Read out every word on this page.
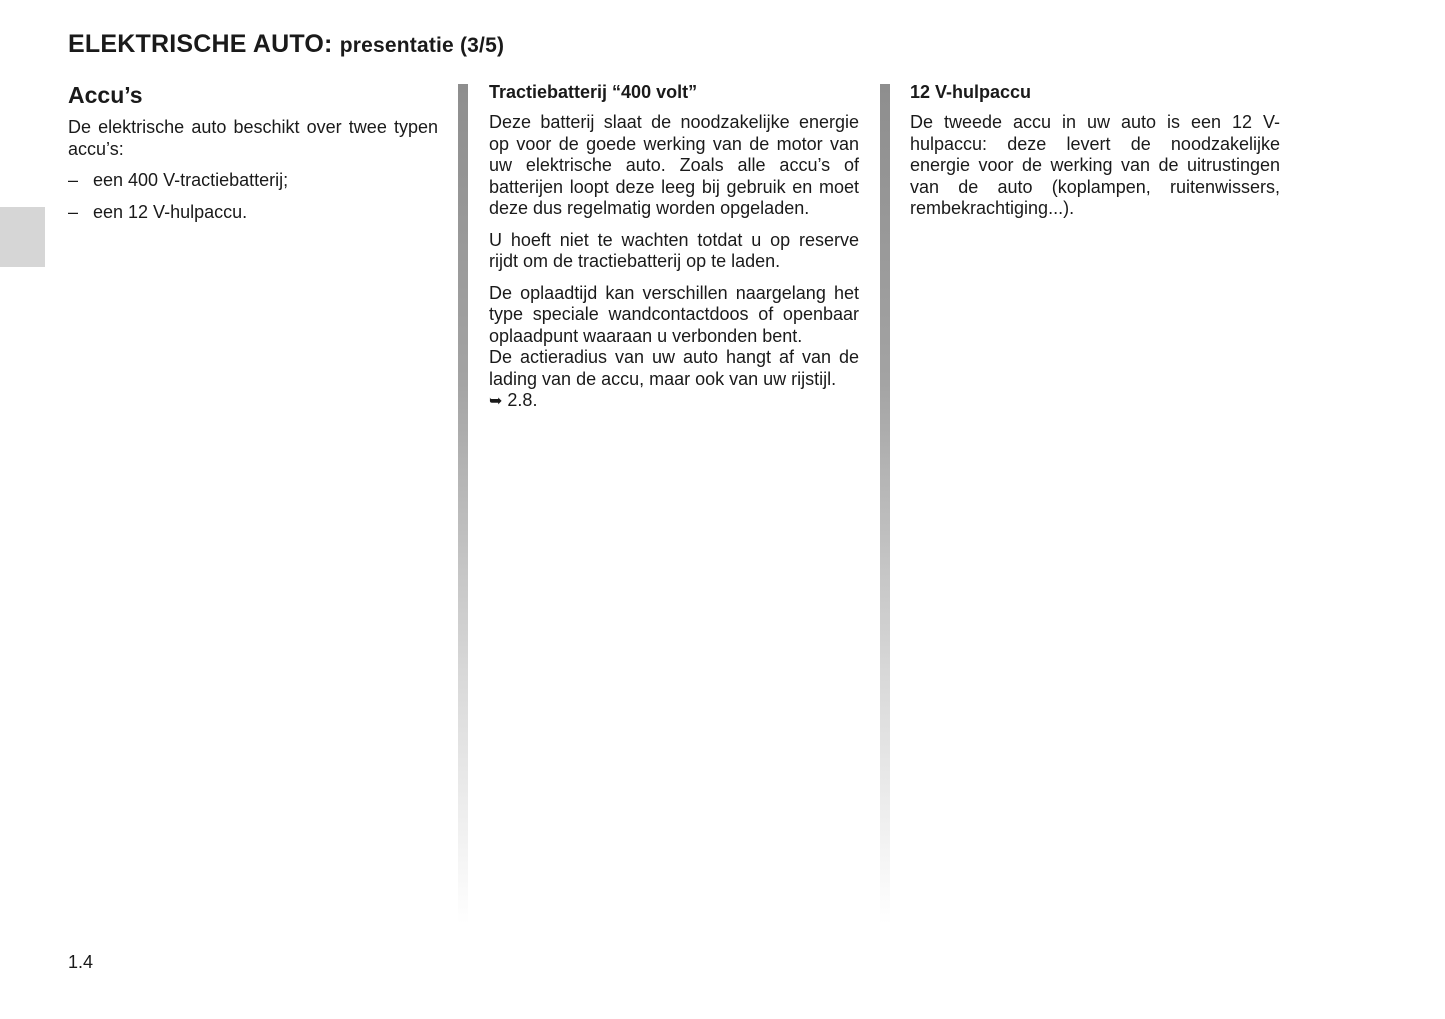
ELEKTRISCHE AUTO: presentatie (3/5)
Accu’s

De elektrische auto beschikt over twee typen accu’s:

– een 400 V-tractiebatterij;
– een 12 V-hulpaccu.
Tractiebatterij “400 volt”

Deze batterij slaat de noodzakelijke energie op voor de goede werking van de motor van uw elektrische auto. Zoals alle accu’s of batterijen loopt deze leeg bij gebruik en moet deze dus regelmatig worden opgeladen.

U hoeft niet te wachten totdat u op reserve rijdt om de tractiebatterij op te laden.

De oplaadtijd kan verschillen naargelang het type speciale wandcontactdoos of openbaar oplaadpunt waaraan u verbonden bent.

De actieradius van uw auto hangt af van de lading van de accu, maar ook van uw rijstijl.
➥ 2.8.

12 V-hulpaccu

De tweede accu in uw auto is een 12 V-hulpaccu: deze levert de noodzakelijke energie voor de werking van de uitrustingen van de auto (koplampen, ruitenwissers, rembekrachtiging...).

1.4
